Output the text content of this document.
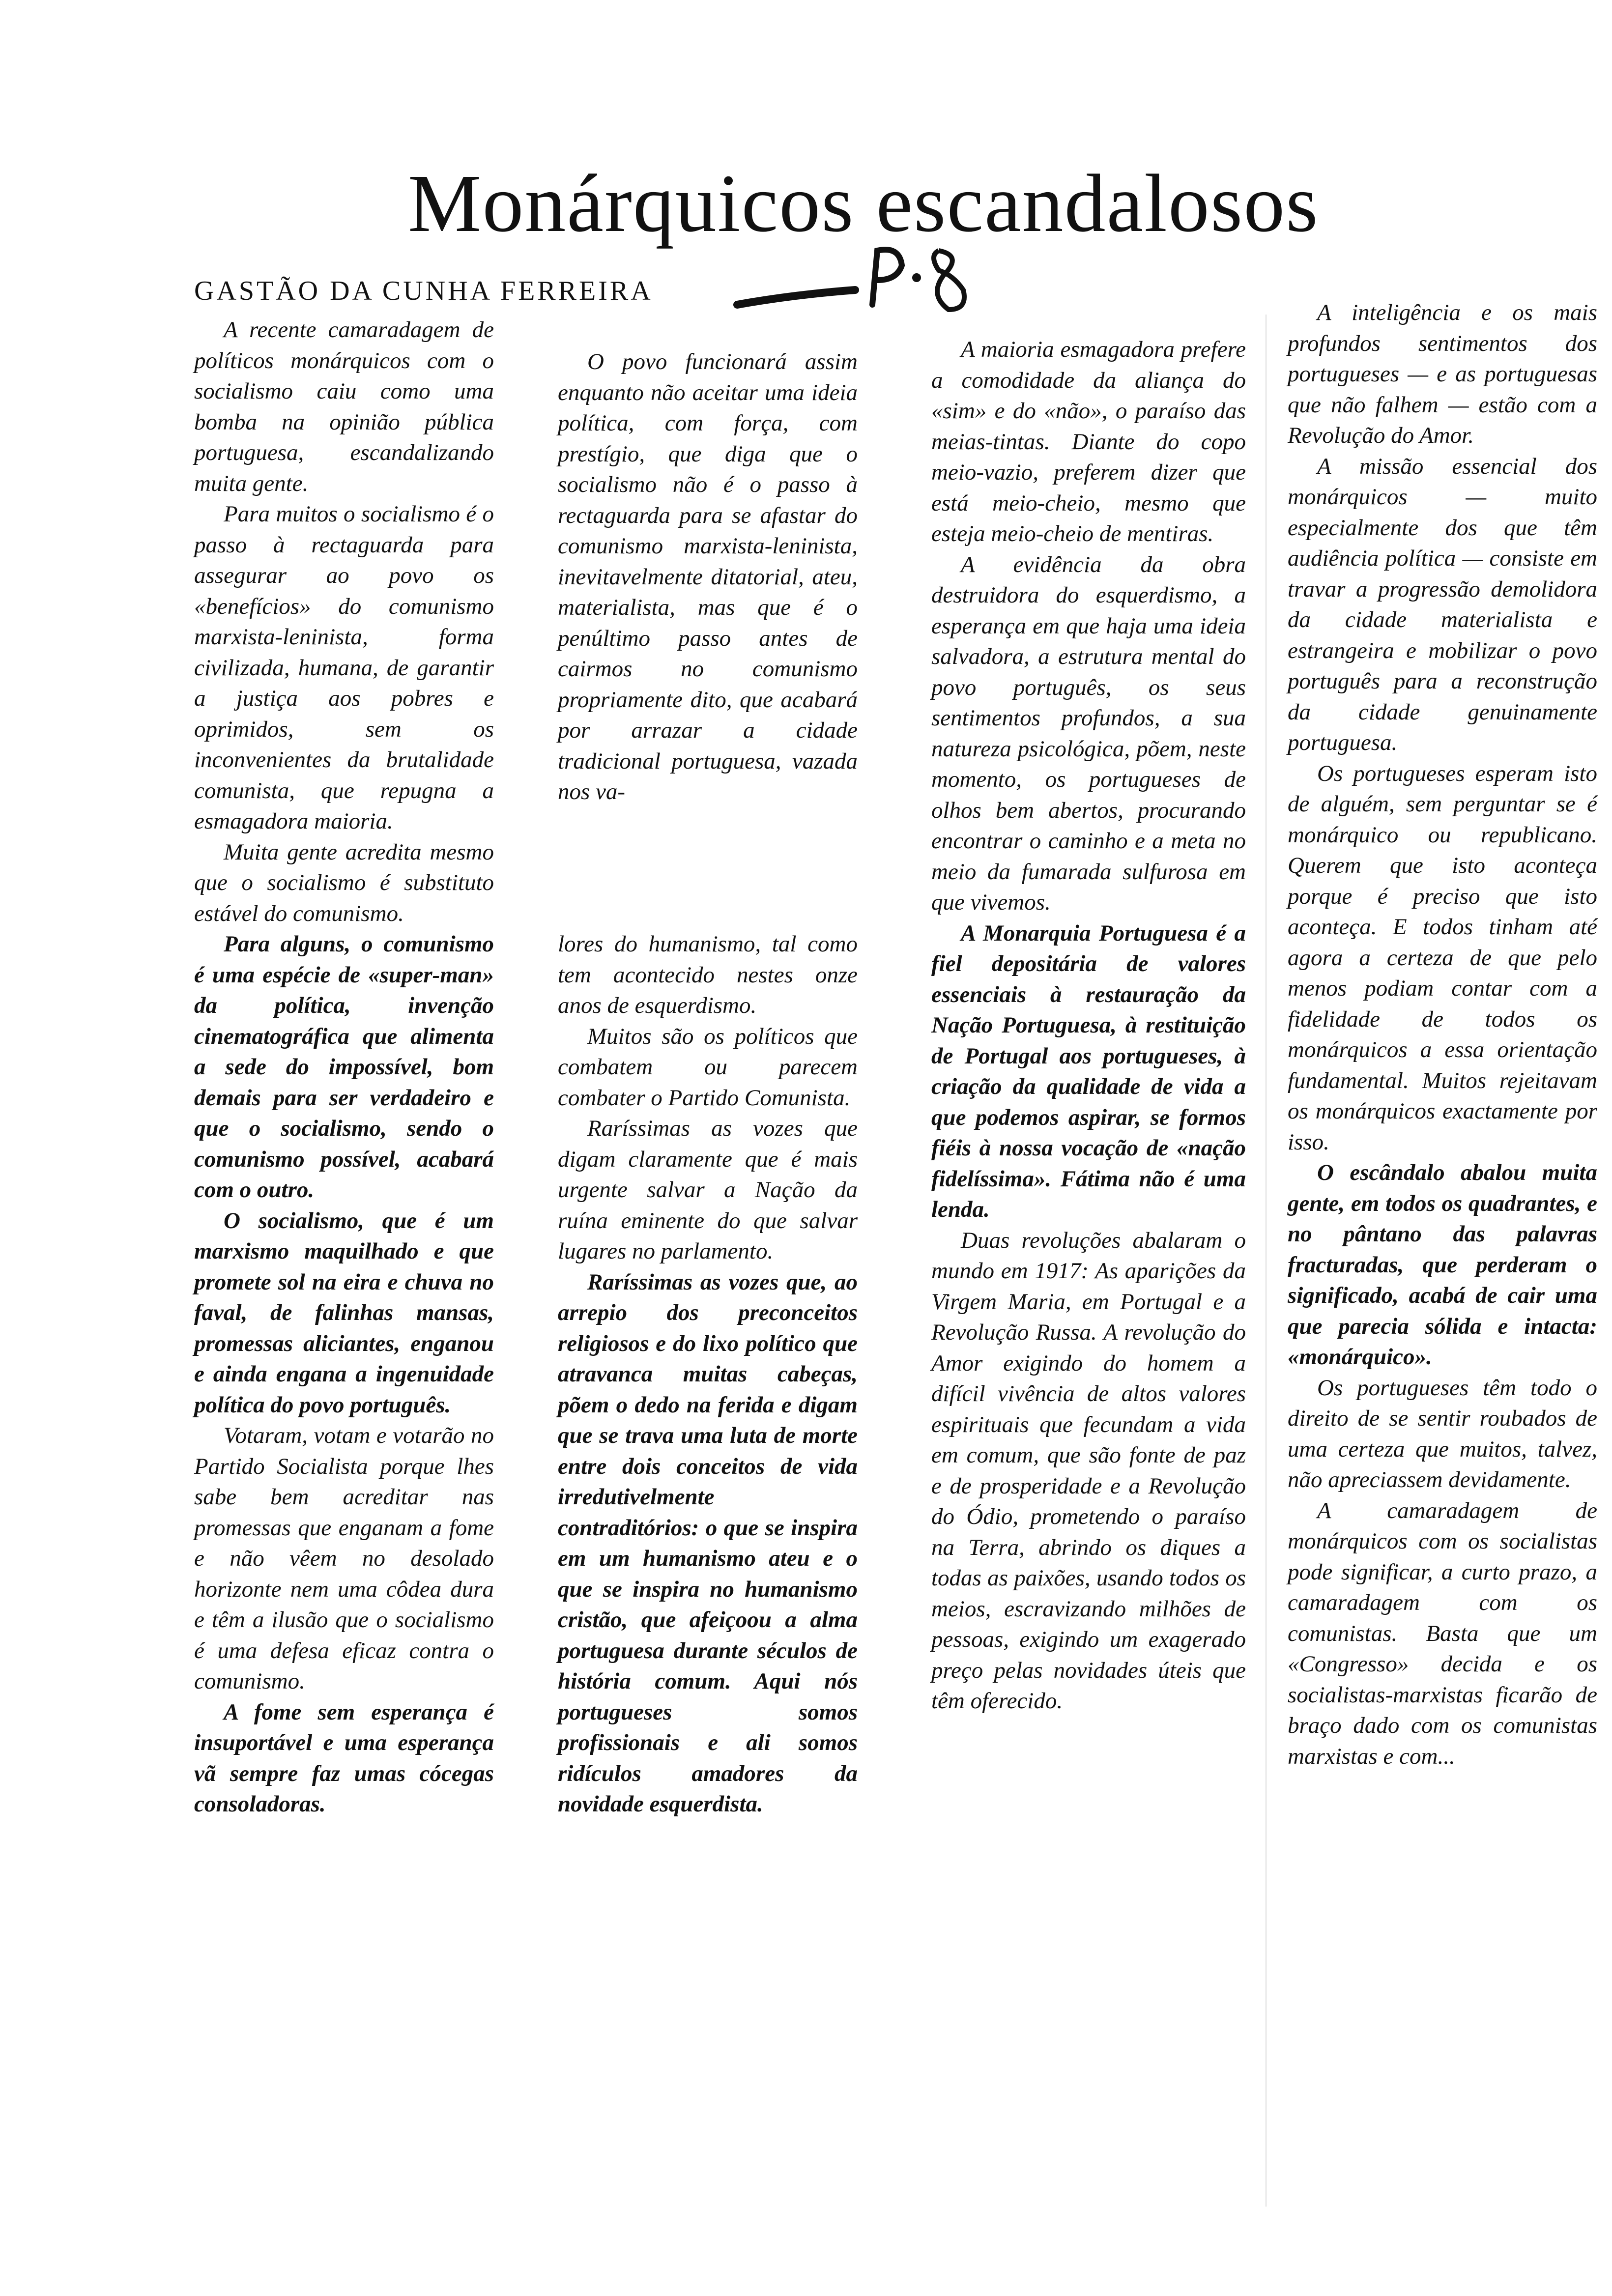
Monárquicos escandalosos
GASTÃO DA CUNHA FERREIRA

A recente camaradagem de políticos monárquicos com o socialismo caiu como uma bomba na opinião pública portuguesa, escandalizando muita gente.

Para muitos o socialismo é o passo à rectaguarda para assegurar ao povo os «benefícios» do comunismo marxista-leninista, forma civilizada, humana, de garantir a justiça aos pobres e oprimidos, sem os inconvenientes da brutalidade comunista, que repugna a esmagadora maioria.

Muita gente acredita mesmo que o socialismo é substituto estável do comunismo.

Para alguns, o comunismo é uma espécie de «super-man» da política, invenção cinematográfica que alimenta a sede do impossível, bom demais para ser verdadeiro e que o socialismo, sendo o comunismo possível, acabará com o outro.

O socialismo, que é um marxismo maquilhado e que promete sol na eira e chuva no faval, de falinhas mansas, promessas aliciantes, enganou e ainda engana a ingenuidade política do povo português.

Votaram, votam e votarão no Partido Socialista porque lhes sabe bem acreditar nas promessas que enganam a fome e não vêem no desolado horizonte nem uma côdea dura e têm a ilusão que o socialismo é uma defesa eficaz contra o comunismo.

A fome sem esperança é insuportável e uma esperança vã sempre faz umas cócegas consoladoras.

O povo funcionará assim enquanto não aceitar uma ideia política, com força, com prestígio, que diga que o socialismo não é o passo à rectaguarda para se afastar do comunismo marxista-leninista, inevitavelmente ditatorial, ateu, materialista, mas que é o penúltimo passo antes de cairmos no comunismo propriamente dito, que acabará por arrazar a cidade tradicional portuguesa, vazada nos va-

lores do humanismo, tal como tem acontecido nestes onze anos de esquerdismo.

Muitos são os políticos que combatem ou parecem combater o Partido Comunista.

Raríssimas as vozes que digam claramente que é mais urgente salvar a Nação da ruína eminente do que salvar lugares no parlamento.

Raríssimas as vozes que, ao arrepio dos preconceitos religiosos e do lixo político que atravanca muitas cabeças, põem o dedo na ferida e digam que se trava uma luta de morte entre dois conceitos de vida irredutivelmente contraditórios: o que se inspira em um humanismo ateu e o que se inspira no humanismo cristão, que afeiçoou a alma portuguesa durante séculos de história comum. Aqui nós portugueses somos profissionais e ali somos ridículos amadores da novidade esquerdista.

A maioria esmagadora prefere a comodidade da aliança do «sim» e do «não», o paraíso das meias-tintas. Diante do copo meio-vazio, preferem dizer que está meio-cheio, mesmo que esteja meio-cheio de mentiras.

A evidência da obra destruidora do esquerdismo, a esperança em que haja uma ideia salvadora, a estrutura mental do povo português, os seus sentimentos profundos, a sua natureza psicológica, põem, neste momento, os portugueses de olhos bem abertos, procurando encontrar o caminho e a meta no meio da fumarada sulfurosa em que vivemos.

A Monarquia Portuguesa é a fiel depositária de valores essenciais à restauração da Nação Portuguesa, à restituição de Portugal aos portugueses, à criação da qualidade de vida a que podemos aspirar, se formos fiéis à nossa vocação de «nação fidelíssima». Fátima não é uma lenda.

Duas revoluções abalaram o mundo em 1917: As aparições da Virgem Maria, em Portugal e a Revolução Russa. A revolução do Amor exigindo do homem a difícil vivência de altos valores espirituais que fecundam a vida em comum, que são fonte de paz e de prosperidade e a Revolução do Ódio, prometendo o paraíso na Terra, abrindo os diques a todas as paixões, usando todos os meios, escravizando milhões de pessoas, exigindo um exagerado preço pelas novidades úteis que têm oferecido.

A inteligência e os mais profundos sentimentos dos portugueses — e as portuguesas que não falhem — estão com a Revolução do Amor.

A missão essencial dos monárquicos — muito especialmente dos que têm audiência política — consiste em travar a progressão demolidora da cidade materialista e estrangeira e mobilizar o povo português para a reconstrução da cidade genuinamente portuguesa.

Os portugueses esperam isto de alguém, sem perguntar se é monárquico ou republicano. Querem que isto aconteça porque é preciso que isto aconteça. E todos tinham até agora a certeza de que pelo menos podiam contar com a fidelidade de todos os monárquicos a essa orientação fundamental. Muitos rejeitavam os monárquicos exactamente por isso.

O escândalo abalou muita gente, em todos os quadrantes, e no pântano das palavras fracturadas, que perderam o significado, acabá de cair uma que parecia sólida e intacta: «monárquico».

Os portugueses têm todo o direito de se sentir roubados de uma certeza que muitos, talvez, não apreciassem devidamente.

A camaradagem de monárquicos com os socialistas pode significar, a curto prazo, a camaradagem com os comunistas. Basta que um «Congresso» decida e os socialistas-marxistas ficarão de braço dado com os comunistas marxistas e com...
